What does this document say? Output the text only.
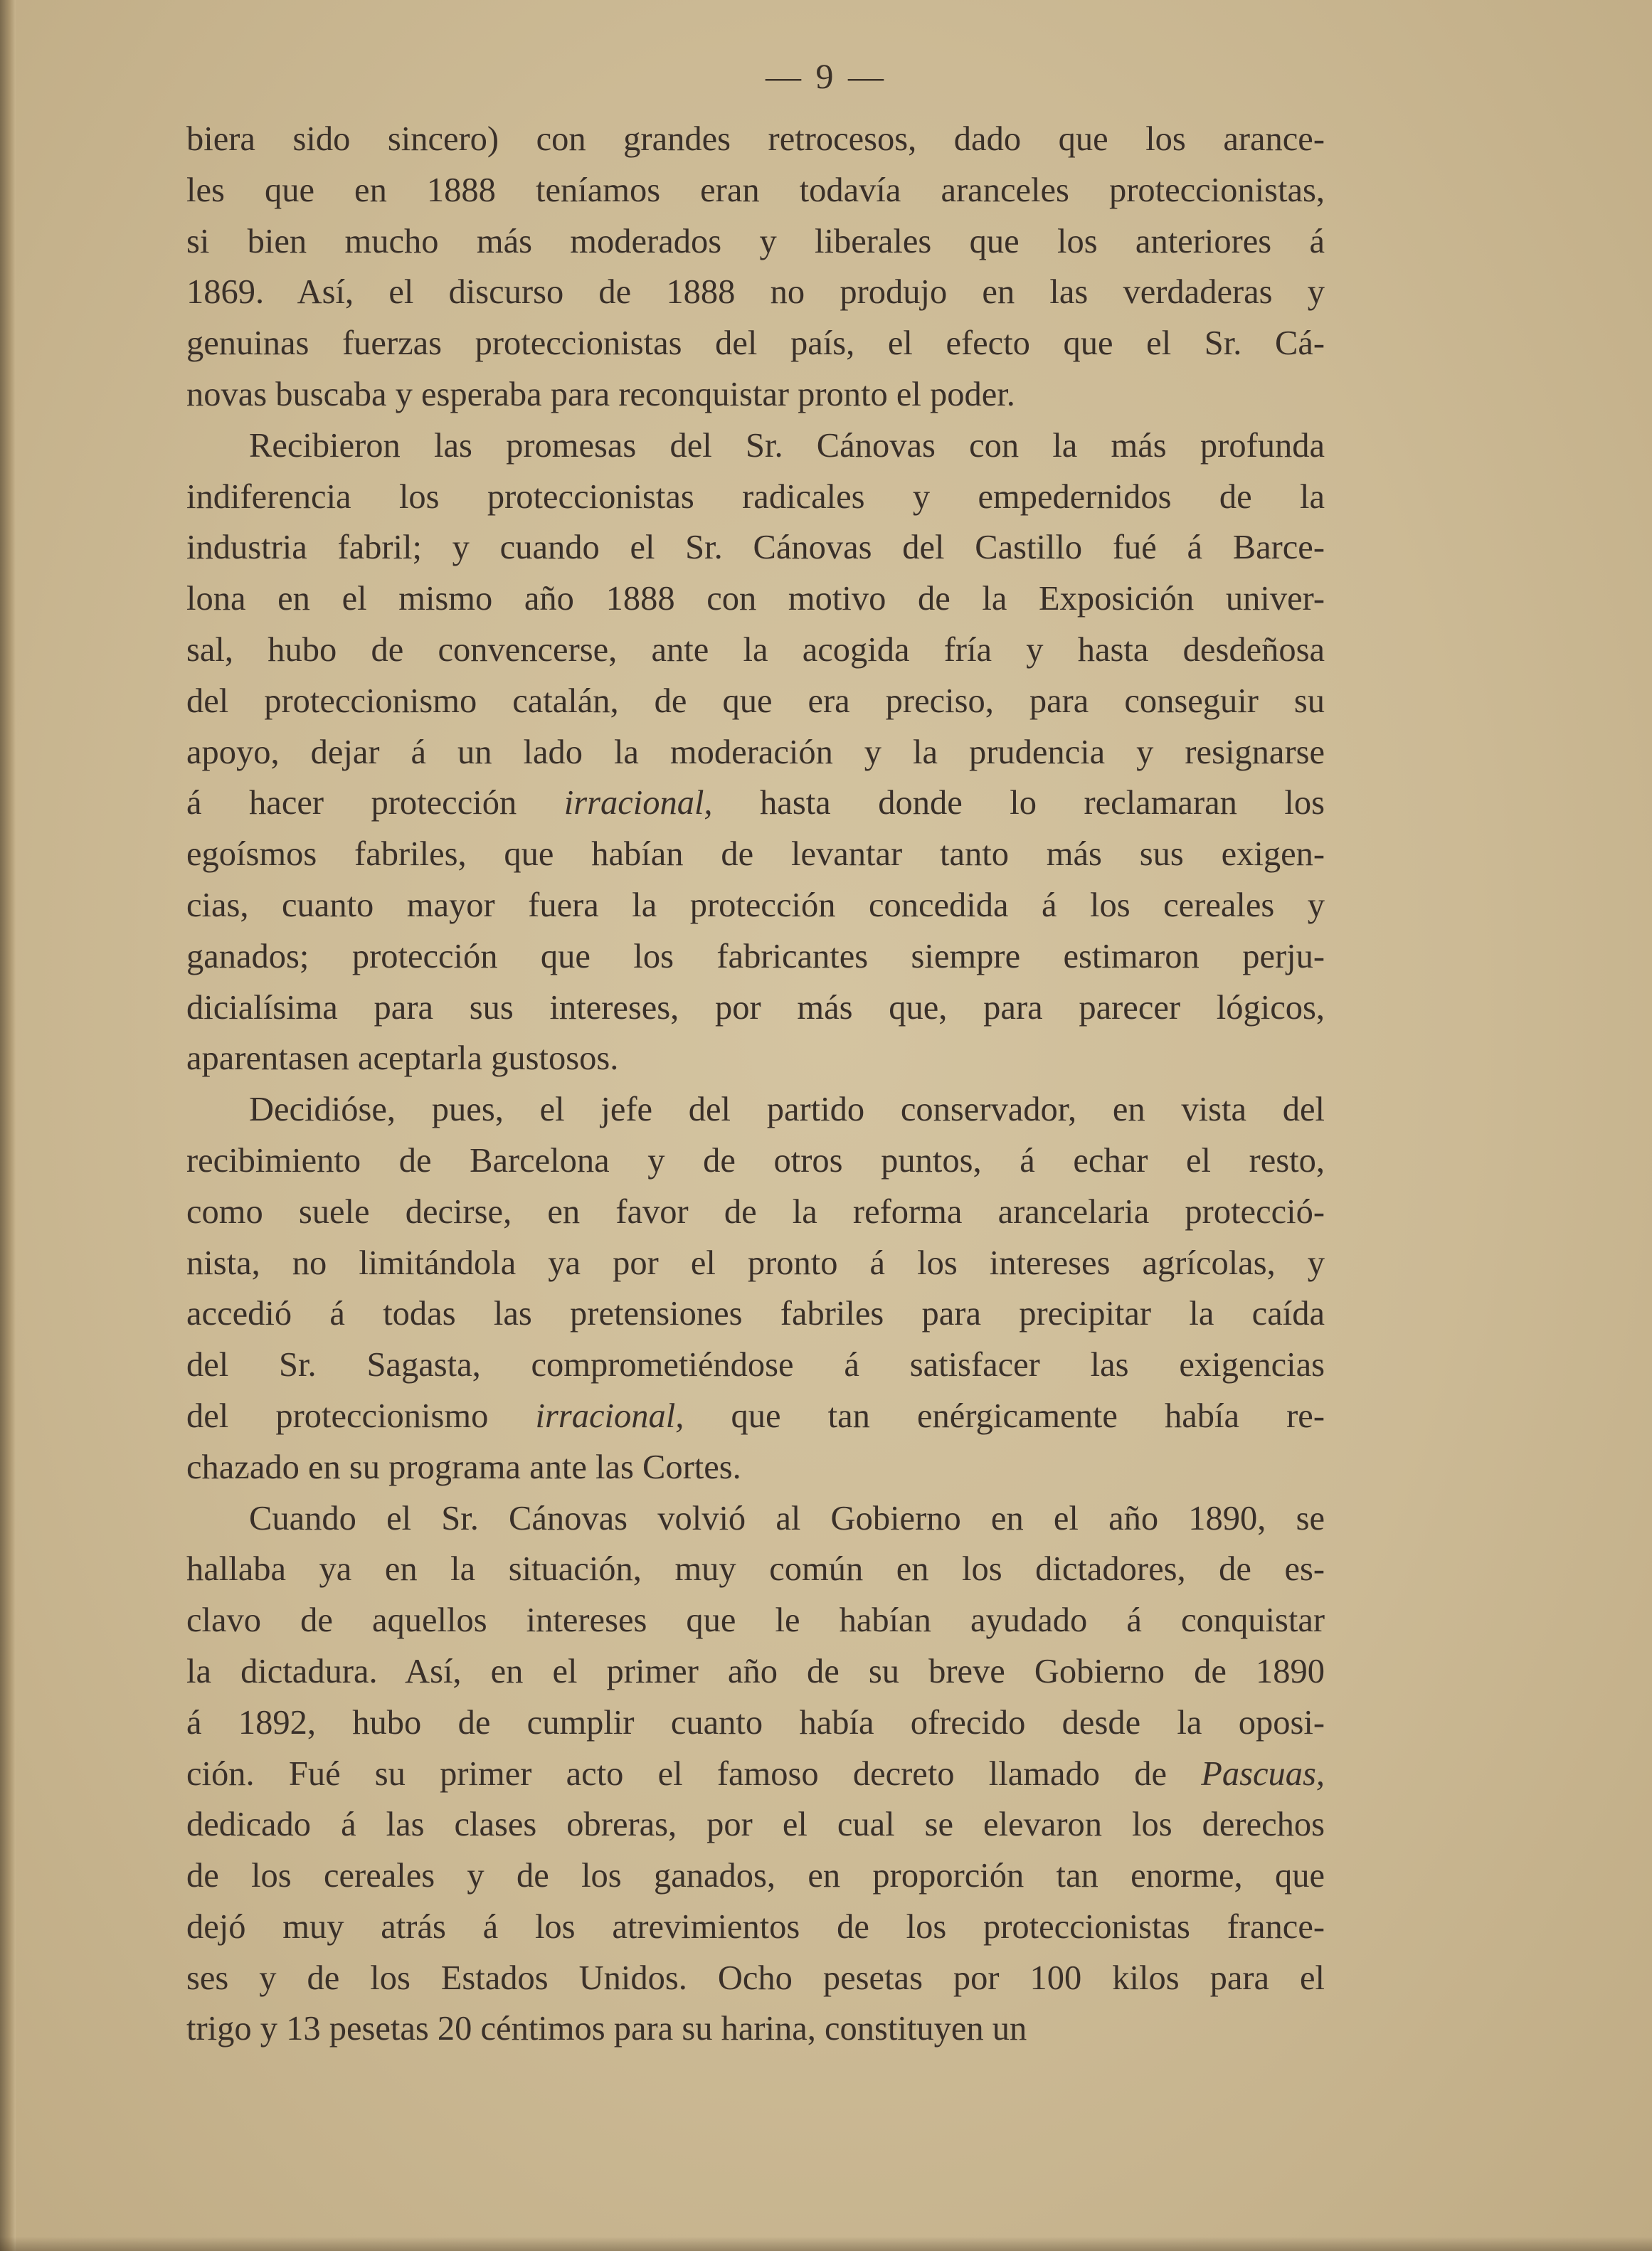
— 9 —
biera sido sincero) con grandes retrocesos, dado que los arance-
les que en 1888 teníamos eran todavía aranceles proteccionistas,
si bien mucho más moderados y liberales que los anteriores á
1869. Así, el discurso de 1888 no produjo en las verdaderas y
genuinas fuerzas proteccionistas del país, el efecto que el Sr. Cá-
novas buscaba y esperaba para reconquistar pronto el poder.
Recibieron las promesas del Sr. Cánovas con la más profunda
indiferencia los proteccionistas radicales y empedernidos de la
industria fabril; y cuando el Sr. Cánovas del Castillo fué á Barce-
lona en el mismo año 1888 con motivo de la Exposición univer-
sal, hubo de convencerse, ante la acogida fría y hasta desdeñosa
del proteccionismo catalán, de que era preciso, para conseguir su
apoyo, dejar á un lado la moderación y la prudencia y resignarse
á hacer protección irracional, hasta donde lo reclamaran los
egoísmos fabriles, que habían de levantar tanto más sus exigen-
cias, cuanto mayor fuera la protección concedida á los cereales y
ganados; protección que los fabricantes siempre estimaron perju-
dicialísima para sus intereses, por más que, para parecer lógicos,
aparentasen aceptarla gustosos.
Decidióse, pues, el jefe del partido conservador, en vista del
recibimiento de Barcelona y de otros puntos, á echar el resto,
como suele decirse, en favor de la reforma arancelaria protecció-
nista, no limitándola ya por el pronto á los intereses agrícolas, y
accedió á todas las pretensiones fabriles para precipitar la caída
del Sr. Sagasta, comprometiéndose á satisfacer las exigencias
del proteccionismo irracional, que tan enérgicamente había re-
chazado en su programa ante las Cortes.
Cuando el Sr. Cánovas volvió al Gobierno en el año 1890, se
hallaba ya en la situación, muy común en los dictadores, de es-
clavo de aquellos intereses que le habían ayudado á conquistar
la dictadura. Así, en el primer año de su breve Gobierno de 1890
á 1892, hubo de cumplir cuanto había ofrecido desde la oposi-
ción. Fué su primer acto el famoso decreto llamado de Pascuas,
dedicado á las clases obreras, por el cual se elevaron los derechos
de los cereales y de los ganados, en proporción tan enorme, que
dejó muy atrás á los atrevimientos de los proteccionistas france-
ses y de los Estados Unidos. Ocho pesetas por 100 kilos para el
trigo y 13 pesetas 20 céntimos para su harina, constituyen un
